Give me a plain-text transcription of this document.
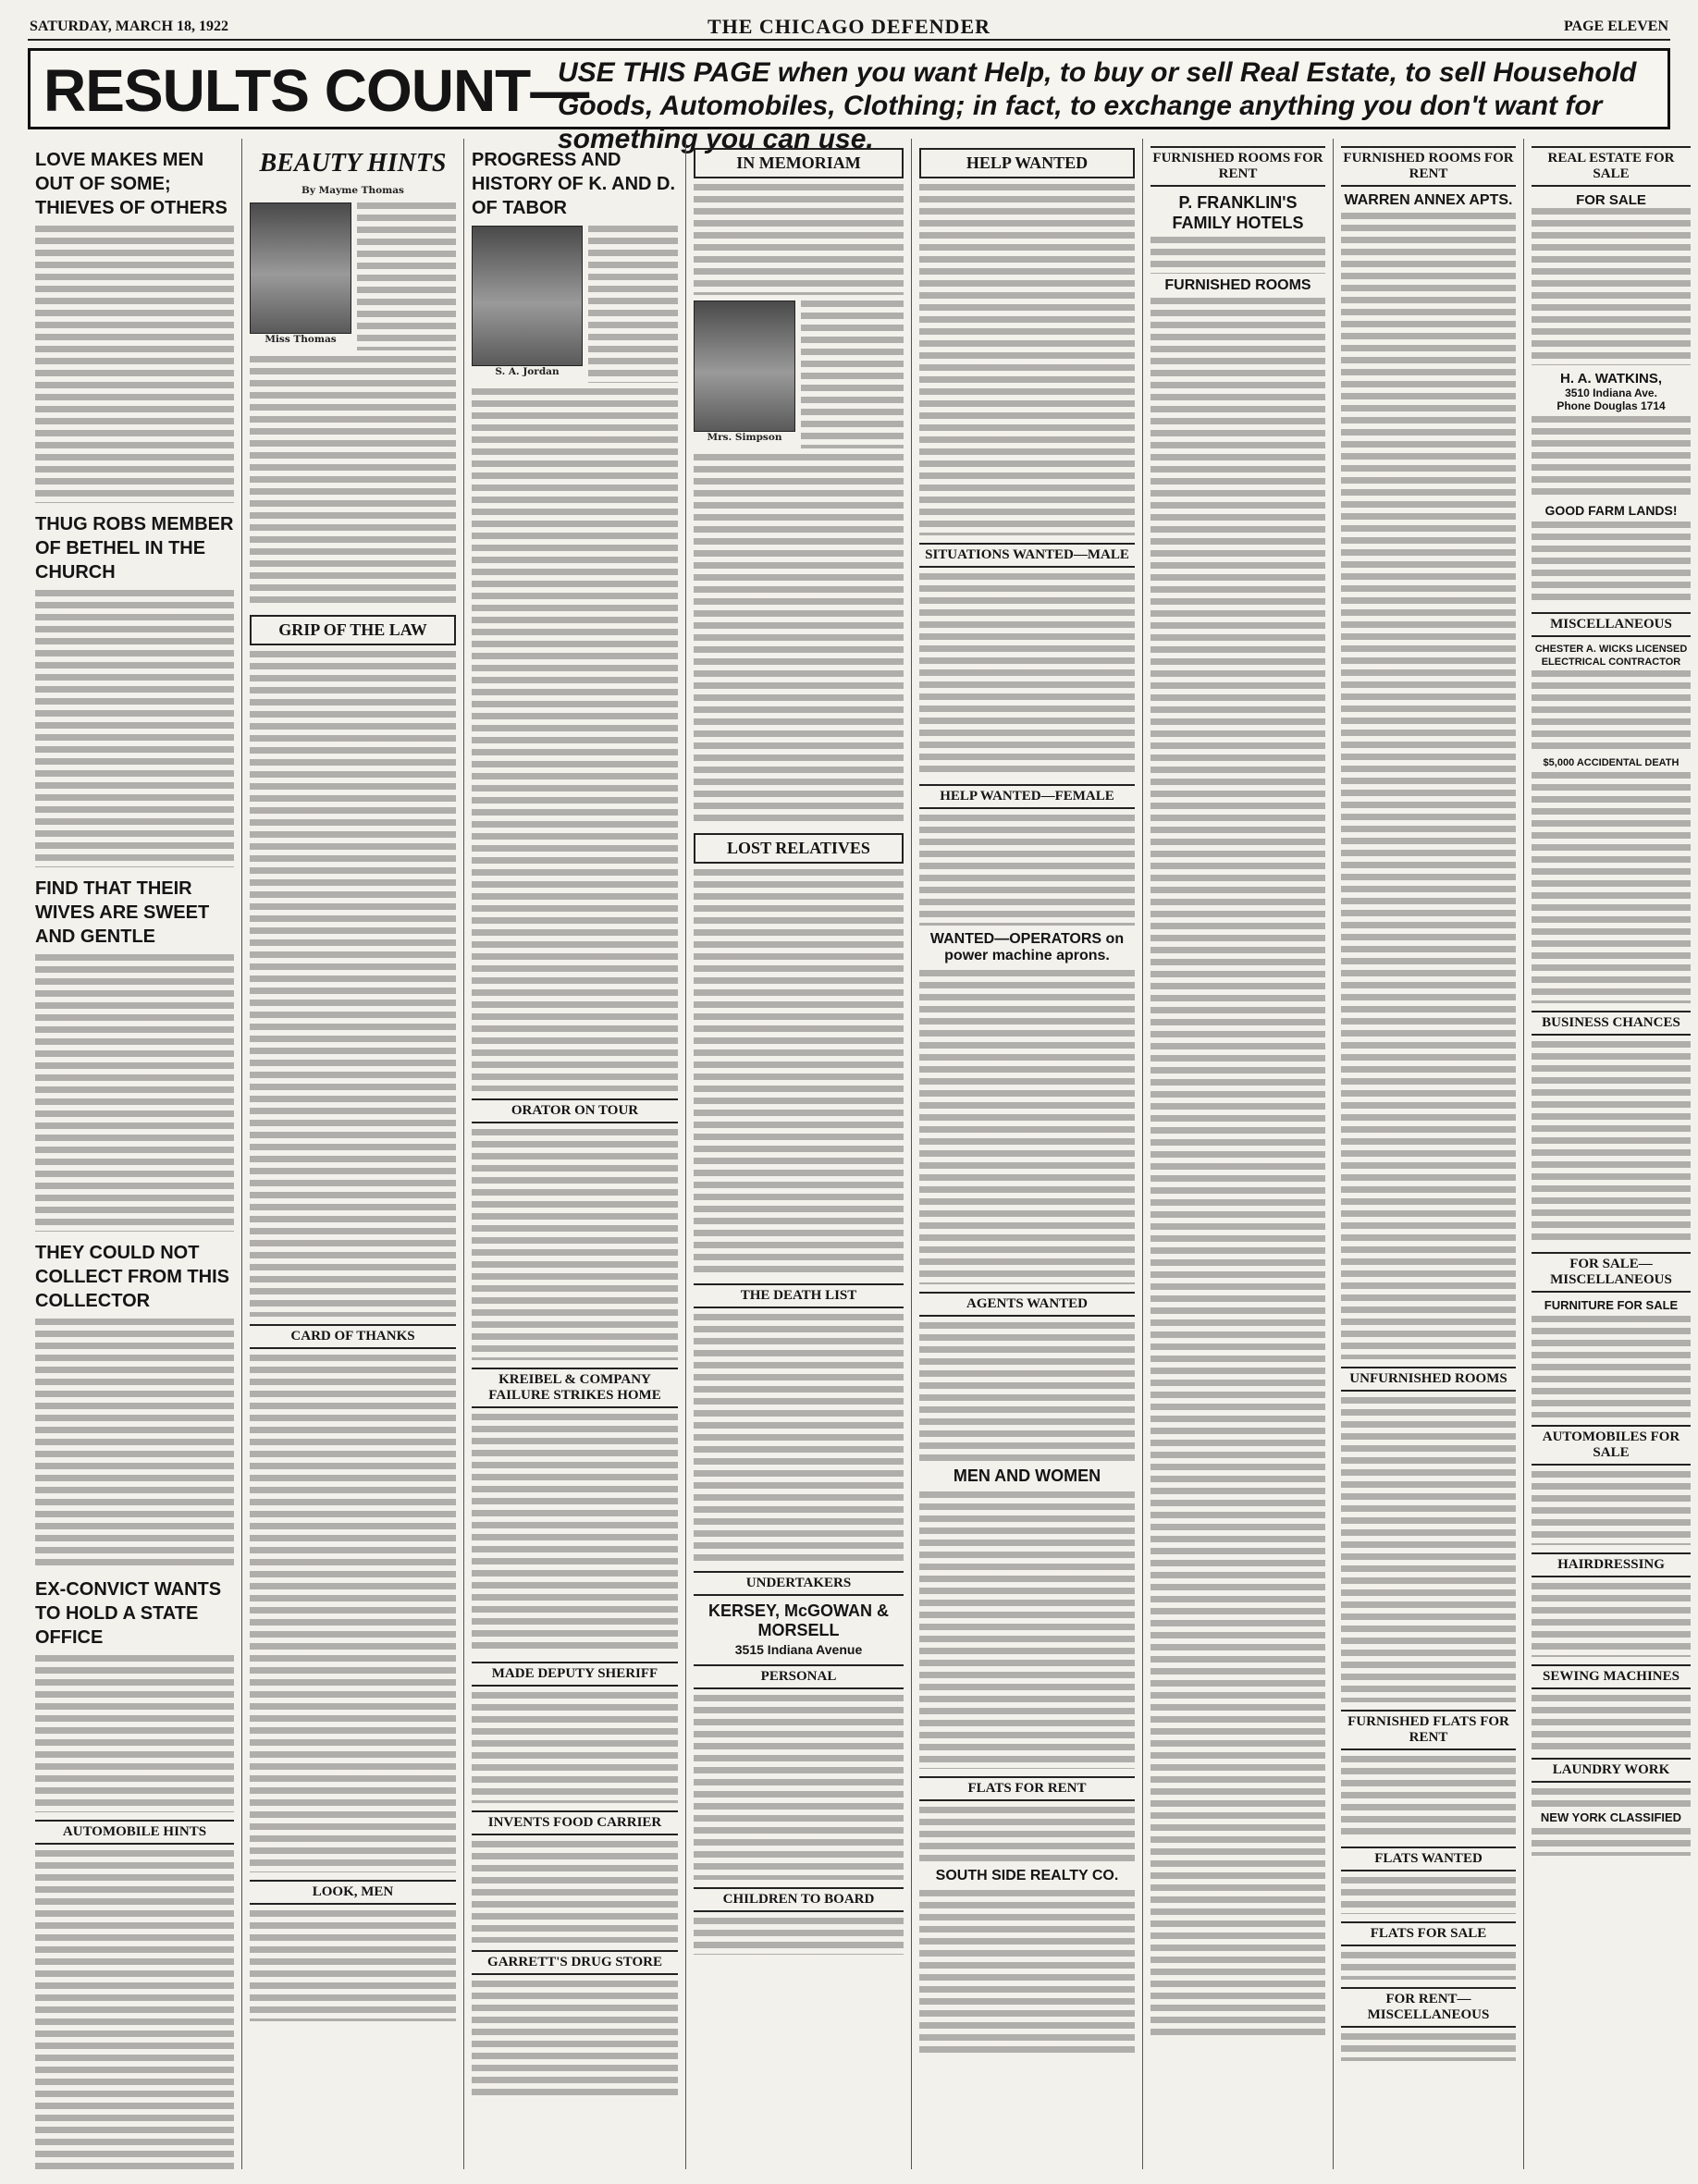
SATURDAY, MARCH 18, 1922	THE CHICAGO DEFENDER	PAGE ELEVEN
RESULTS COUNT—
USE THIS PAGE when you want Help, to buy or sell Real Estate, to sell Household Goods, Automobiles, Clothing; in fact, to exchange anything you don't want for something you can use.
LOVE MAKES MEN OUT OF SOME; THIEVES OF OTHERS
THUG ROBS MEMBER OF BETHEL IN THE CHURCH
FIND THAT THEIR WIVES ARE SWEET AND GENTLE
THEY COULD NOT COLLECT FROM THIS COLLECTOR
EX-CONVICT WANTS TO HOLD A STATE OFFICE
AUTOMOBILE HINTS
BEAUTY HINTS
By Mayme Thomas
Miss Thomas
GRIP OF THE LAW
CARD OF THANKS
LOOK, MEN
PROGRESS AND HISTORY OF K. AND D. OF TABOR
S. A. Jordan
ORATOR ON TOUR
KREIBEL & COMPANY FAILURE STRIKES HOME
MADE DEPUTY SHERIFF
INVENTS FOOD CARRIER
GARRETT'S DRUG STORE
IN MEMORIAM
Mrs. Simpson
LOST RELATIVES
THE DEATH LIST
UNDERTAKERS
KERSEY, McGOWAN & MORSELL
3515 Indiana Avenue
PERSONAL
CHILDREN TO BOARD
HELP WANTED
SITUATIONS WANTED—MALE
HELP WANTED—FEMALE
WANTED—OPERATORS on power machine aprons.
AGENTS WANTED
MEN AND WOMEN
FLATS FOR RENT
SOUTH SIDE REALTY CO.
FURNISHED ROOMS FOR RENT
P. FRANKLIN'S FAMILY HOTELS
FURNISHED ROOMS
FURNISHED ROOMS FOR RENT
WARREN ANNEX APTS.
UNFURNISHED ROOMS
FURNISHED FLATS FOR RENT
FLATS WANTED
FLATS FOR SALE
FOR RENT—MISCELLANEOUS
REAL ESTATE FOR SALE
FOR SALE
H. A. WATKINS,
3510 Indiana Ave.
Phone Douglas 1714
GOOD FARM LANDS!
MISCELLANEOUS
CHESTER A. WICKS LICENSED ELECTRICAL CONTRACTOR
$5,000 ACCIDENTAL DEATH
BUSINESS CHANCES
FOR SALE—MISCELLANEOUS
FURNITURE FOR SALE
AUTOMOBILES FOR SALE
HAIRDRESSING
SEWING MACHINES
LAUNDRY WORK
NEW YORK CLASSIFIED
